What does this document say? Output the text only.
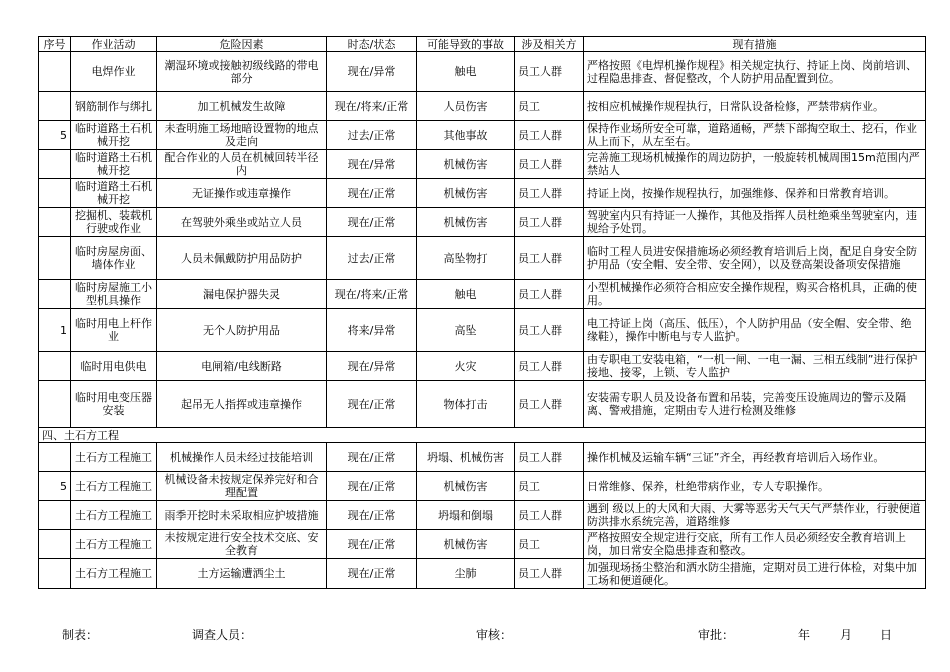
序号	作业活动	危险因素	时态/状态	可能导致的事故	涉及相关方	现有措施
	电焊作业	潮湿环境或接触初级线路的带电部分	现在/异常	触电	员工人群	严格按照《电焊机操作规程》相关规定执行、持证上岗、岗前培训、过程隐患排查、督促整改，个人防护用品配置到位。
	钢筋制作与绑扎	加工机械发生故障	现在/将来/正常	人员伤害	员工	按相应机械操作规程执行，日常队设备检修，严禁带病作业。
5	临时道路土石机械开挖	未查明施工场地暗设置物的地点及走向	过去/正常	其他事故	员工人群	保持作业场所安全可靠，道路通畅，严禁下部掏空取土、挖石，作业从上而下，从左至右。
	临时道路土石机械开挖	配合作业的人员在机械回转半径内	现在/异常	机械伤害	员工人群	完善施工现场机械操作的周边防护，一般旋转机械周围15m范围内严禁站人
	临时道路土石机械开挖	无证操作或违章操作	现在/正常	机械伤害	员工人群	持证上岗，按操作规程执行，加强维修、保养和日常教育培训。
	挖掘机、装载机行驶或作业	在驾驶外乘坐或站立人员	现在/正常	机械伤害	员工人群	驾驶室内只有持证一人操作，其他及指挥人员杜绝乘坐驾驶室内，违规给予处罚。
	临时房屋房面、墙体作业	人员未佩戴防护用品防护	过去/正常	高坠物打	员工人群	临时工程人员进安保措施场必须经教育培训后上岗，配足自身安全防护用品（安全帽、安全带、安全网），以及登高架设备项安保措施
	临时房屋施工小型机具操作	漏电保护器失灵	现在/将来/正常	触电	员工人群	小型机械操作必须符合相应安全操作规程，购买合格机具，正确的使用。
1	临时用电上杆作业	无个人防护用品	将来/异常	高坠	员工人群	电工持证上岗（高压、低压），个人防护用品（安全帽、安全带、绝缘鞋），操作中断电与专人监护。
	临时用电供电	电闸箱/电线断路	现在/异常	火灾	员工人群	由专职电工安装电箱，“一机一闸、一电一漏、三相五线制”进行保护接地、接零，上锁、专人监护
	临时用电变压器安装	起吊无人指挥或违章操作	现在/正常	物体打击	员工人群	安装需专职人员及设备布置和吊装，完善变压设施周边的警示及隔离、警戒措施，定期由专人进行检测及维修
四、土石方工程						
	土石方工程施工	机械操作人员未经过技能培训	现在/正常	坍塌、机械伤害	员工人群	操作机械及运输车辆“三证”齐全，再经教育培训后入场作业。
5	土石方工程施工	机械设备未按规定保养完好和合理配置	现在/正常	机械伤害	员工	日常维修、保养，杜绝带病作业，专人专职操作。
	土石方工程施工	雨季开挖时未采取相应护坡措施	现在/正常	坍塌和倒塌	员工人群	遇到 级以上的大风和大雨、大雾等恶劣天气天气严禁作业，行驶便道防洪排水系统完善，道路维修
	土石方工程施工	未按规定进行安全技术交底、安全教育	现在/正常	机械伤害	员工	严格按照安全规定进行交底，所有工作人员必须经安全教育培训上岗，加日常安全隐患排查和整改。
	土石方工程施工	土方运输遭洒尘土	现在/正常	尘肺	员工人群	加强现场扬尘整治和洒水防尘措施，定期对员工进行体检，对集中加工场和便道硬化。
制表：	调查人员：	审核：	审批：	年 月 日
